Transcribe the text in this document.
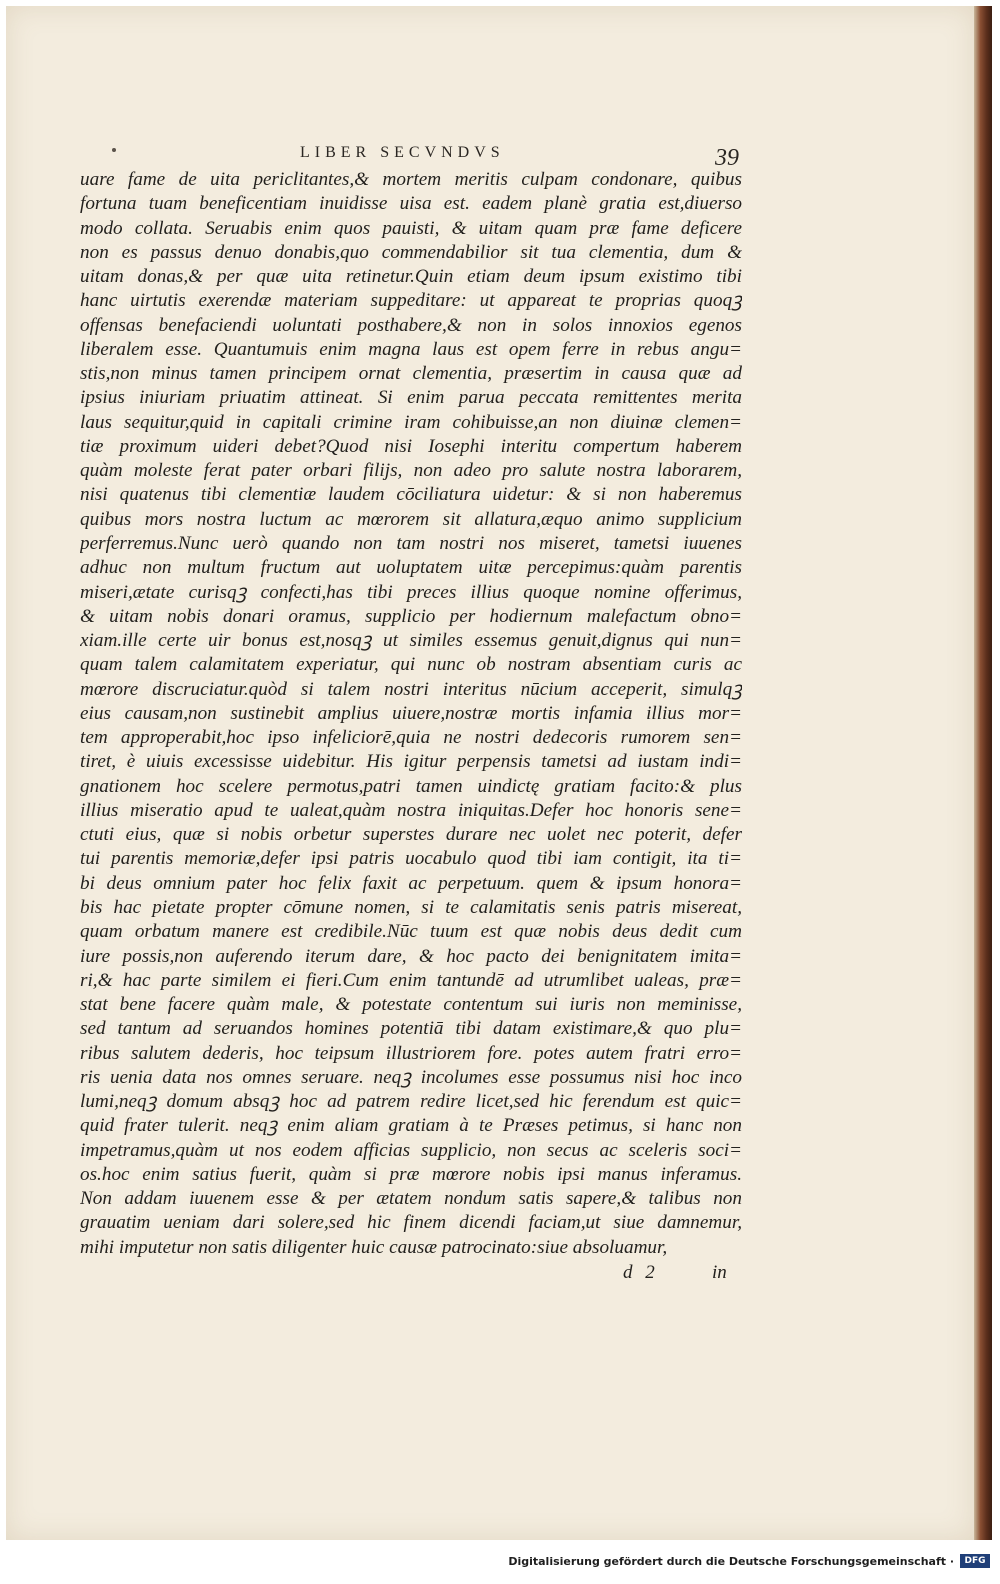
LIBER SECVNDVS	39
uare fame de uita periclitantes,& mortem meritis culpam condonare, quibus
fortuna tuam beneficentiam inuidisse uisa est. eadem planè gratia est,diuerso
modo collata. Seruabis enim quos pauisti, & uitam quam præ fame deficere
non es passus denuo donabis,quo commendabilior sit tua clementia, dum &
uitam donas,& per quæ uita retinetur.Quin etiam deum ipsum existimo tibi
hanc uirtutis exerendæ materiam suppeditare: ut appareat te proprias quoqꝫ
offensas benefaciendi uoluntati posthabere,& non in solos innoxios egenos
liberalem esse. Quantumuis enim magna laus est opem ferre in rebus angu=
stis,non minus tamen principem ornat clementia, præsertim in causa quæ ad
ipsius iniuriam priuatim attineat. Si enim parua peccata remittentes merita
laus sequitur,quid in capitali crimine iram cohibuisse,an non diuinæ clemen=
tiæ proximum uideri debet?Quod nisi Iosephi interitu compertum haberem
quàm moleste ferat pater orbari filijs, non adeo pro salute nostra laborarem,
nisi quatenus tibi clementiæ laudem cōciliatura uidetur: & si non haberemus
quibus mors nostra luctum ac mœrorem sit allatura,æquo animo supplicium
perferremus.Nunc uerò quando non tam nostri nos miseret, tametsi iuuenes
adhuc non multum fructum aut uoluptatem uitæ percepimus:quàm parentis
miseri,ætate curisqꝫ confecti,has tibi preces illius quoque nomine offerimus,
& uitam nobis donari oramus, supplicio per hodiernum malefactum obno=
xiam.ille certe uir bonus est,nosqꝫ ut similes essemus genuit,dignus qui nun=
quam talem calamitatem experiatur, qui nunc ob nostram absentiam curis ac
mœrore discruciatur.quòd si talem nostri interitus nūcium acceperit, simulqꝫ
eius causam,non sustinebit amplius uiuere,nostræ mortis infamia illius mor=
tem approperabit,hoc ipso infeliciorē,quia ne nostri dedecoris rumorem sen=
tiret, è uiuis excessisse uidebitur. His igitur perpensis tametsi ad iustam indi=
gnationem hoc scelere permotus,patri tamen uindictę gratiam facito:& plus
illius miseratio apud te ualeat,quàm nostra iniquitas.Defer hoc honoris sene=
ctuti eius, quæ si nobis orbetur superstes durare nec uolet nec poterit, defer
tui parentis memoriæ,defer ipsi patris uocabulo quod tibi iam contigit, ita ti=
bi deus omnium pater hoc felix faxit ac perpetuum. quem & ipsum honora=
bis hac pietate propter cōmune nomen, si te calamitatis senis patris misereat,
quam orbatum manere est credibile.Nūc tuum est quæ nobis deus dedit cum
iure possis,non auferendo iterum dare, & hoc pacto dei benignitatem imita=
ri,& hac parte similem ei fieri.Cum enim tantundē ad utrumlibet ualeas, præ=
stat bene facere quàm male, & potestate contentum sui iuris non meminisse,
sed tantum ad seruandos homines potentiā tibi datam existimare,& quo plu=
ribus salutem dederis, hoc teipsum illustriorem fore. potes autem fratri erro=
ris uenia data nos omnes seruare. neqꝫ incolumes esse possumus nisi hoc inco
lumi,neqꝫ domum absqꝫ hoc ad patrem redire licet,sed hic ferendum est quic=
quid frater tulerit. neqꝫ enim aliam gratiam à te Præses petimus, si hanc non
impetramus,quàm ut nos eodem afficias supplicio, non secus ac sceleris soci=
os.hoc enim satius fuerit, quàm si præ mœrore nobis ipsi manus inferamus.
Non addam iuuenem esse & per ætatem nondum satis sapere,& talibus non
grauatim ueniam dari solere,sed hic finem dicendi faciam,ut siue damnemur,
mihi imputetur non satis diligenter huic causæ patrocinato:siue absoluamur,
d 2	in
Digitalisierung gefördert durch die Deutsche Forschungsgemeinschaft ·	DFG
